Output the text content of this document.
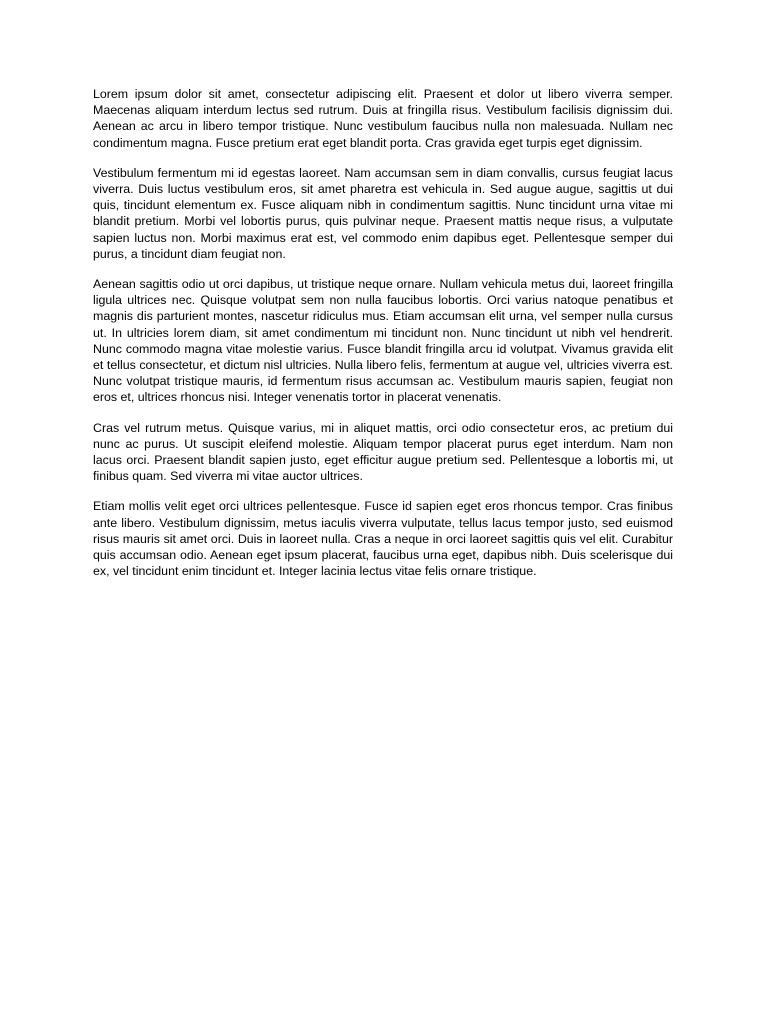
Lorem ipsum dolor sit amet, consectetur adipiscing elit. Praesent et dolor ut libero viverra semper. Maecenas aliquam interdum lectus sed rutrum. Duis at fringilla risus. Vestibulum facilisis dignissim dui. Aenean ac arcu in libero tempor tristique. Nunc vestibulum faucibus nulla non malesuada. Nullam nec condimentum magna. Fusce pretium erat eget blandit porta. Cras gravida eget turpis eget dignissim.

Vestibulum fermentum mi id egestas laoreet. Nam accumsan sem in diam convallis, cursus feugiat lacus viverra. Duis luctus vestibulum eros, sit amet pharetra est vehicula in. Sed augue augue, sagittis ut dui quis, tincidunt elementum ex. Fusce aliquam nibh in condimentum sagittis. Nunc tincidunt urna vitae mi blandit pretium. Morbi vel lobortis purus, quis pulvinar neque. Praesent mattis neque risus, a vulputate sapien luctus non. Morbi maximus erat est, vel commodo enim dapibus eget. Pellentesque semper dui purus, a tincidunt diam feugiat non.

Aenean sagittis odio ut orci dapibus, ut tristique neque ornare. Nullam vehicula metus dui, laoreet fringilla ligula ultrices nec. Quisque volutpat sem non nulla faucibus lobortis. Orci varius natoque penatibus et magnis dis parturient montes, nascetur ridiculus mus. Etiam accumsan elit urna, vel semper nulla cursus ut. In ultricies lorem diam, sit amet condimentum mi tincidunt non. Nunc tincidunt ut nibh vel hendrerit. Nunc commodo magna vitae molestie varius. Fusce blandit fringilla arcu id volutpat. Vivamus gravida elit et tellus consectetur, et dictum nisl ultricies. Nulla libero felis, fermentum at augue vel, ultricies viverra est. Nunc volutpat tristique mauris, id fermentum risus accumsan ac. Vestibulum mauris sapien, feugiat non eros et, ultrices rhoncus nisi. Integer venenatis tortor in placerat venenatis.

Cras vel rutrum metus. Quisque varius, mi in aliquet mattis, orci odio consectetur eros, ac pretium dui nunc ac purus. Ut suscipit eleifend molestie. Aliquam tempor placerat purus eget interdum. Nam non lacus orci. Praesent blandit sapien justo, eget efficitur augue pretium sed. Pellentesque a lobortis mi, ut finibus quam. Sed viverra mi vitae auctor ultrices.

Etiam mollis velit eget orci ultrices pellentesque. Fusce id sapien eget eros rhoncus tempor. Cras finibus ante libero. Vestibulum dignissim, metus iaculis viverra vulputate, tellus lacus tempor justo, sed euismod risus mauris sit amet orci. Duis in laoreet nulla. Cras a neque in orci laoreet sagittis quis vel elit. Curabitur quis accumsan odio. Aenean eget ipsum placerat, faucibus urna eget, dapibus nibh. Duis scelerisque dui ex, vel tincidunt enim tincidunt et. Integer lacinia lectus vitae felis ornare tristique.
